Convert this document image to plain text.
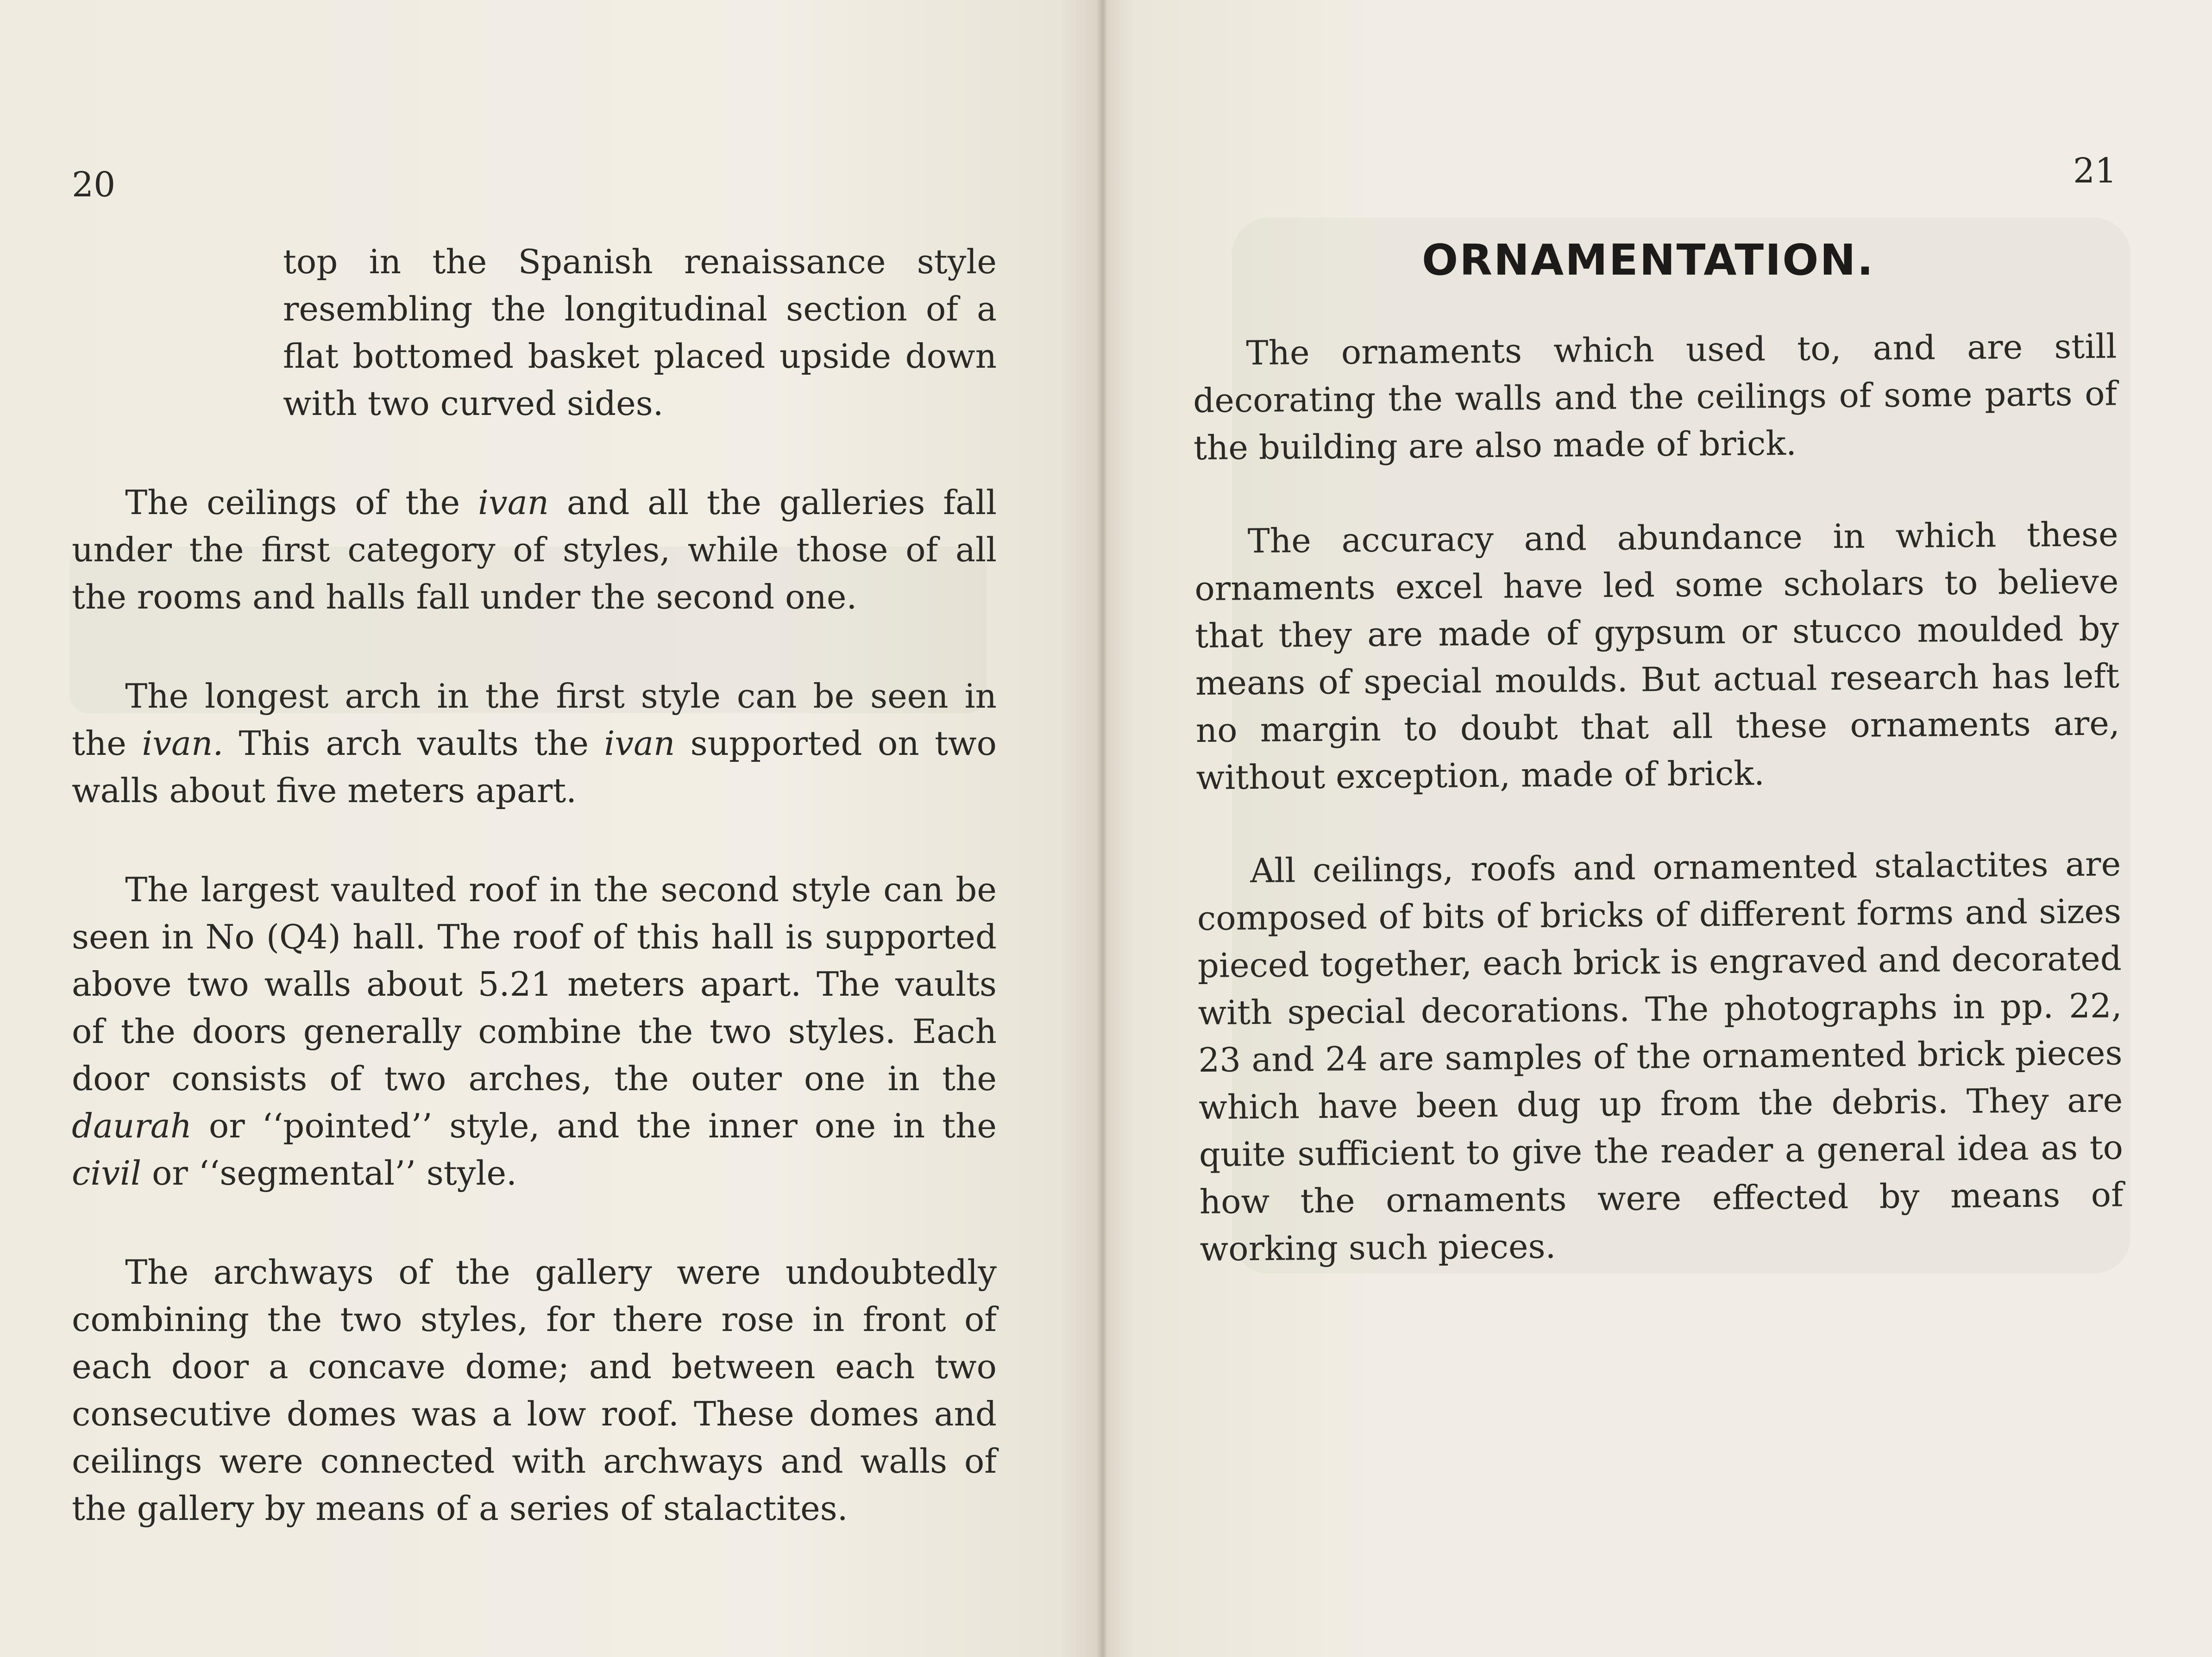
20

top in the Spanish renaissance style resembling the longitudinal section of a flat bottomed basket placed upside down with two curved sides.

The ceilings of the ivan and all the galleries fall under the first category of styles, while those of all the rooms and halls fall under the second one.

The longest arch in the first style can be seen in the ivan. This arch vaults the ivan supported on two walls about five meters apart.

The largest vaulted roof in the second style can be seen in No (Q4) hall. The roof of this hall is supported above two walls about 5.21 meters apart. The vaults of the doors generally combine the two styles. Each door consists of two arches, the outer one in the daurah or ‘‘pointed’’ style, and the inner one in the civil or ‘‘segmental’’ style.

The archways of the gallery were undoubtedly combining the two styles, for there rose in front of each door a concave dome; and between each two consecutive domes was a low roof. These domes and ceilings were connected with archways and walls of the gallery by means of a series of stalactites.

21
ORNAMENTATION.

The ornaments which used to, and are still decorating the walls and the ceilings of some parts of the building are also made of brick.

The accuracy and abundance in which these ornaments excel have led some scholars to believe that they are made of gypsum or stucco moulded by means of special moulds. But actual research has left no margin to doubt that all these ornaments are, without exception, made of brick.

All ceilings, roofs and ornamented stalactites are composed of bits of bricks of different forms and sizes pieced together, each brick is engraved and decorated with special decorations. The photographs in pp. 22, 23 and 24 are samples of the ornamented brick pieces which have been dug up from the debris. They are quite sufficient to give the reader a general idea as to how the ornaments were effected by means of working such pieces.
